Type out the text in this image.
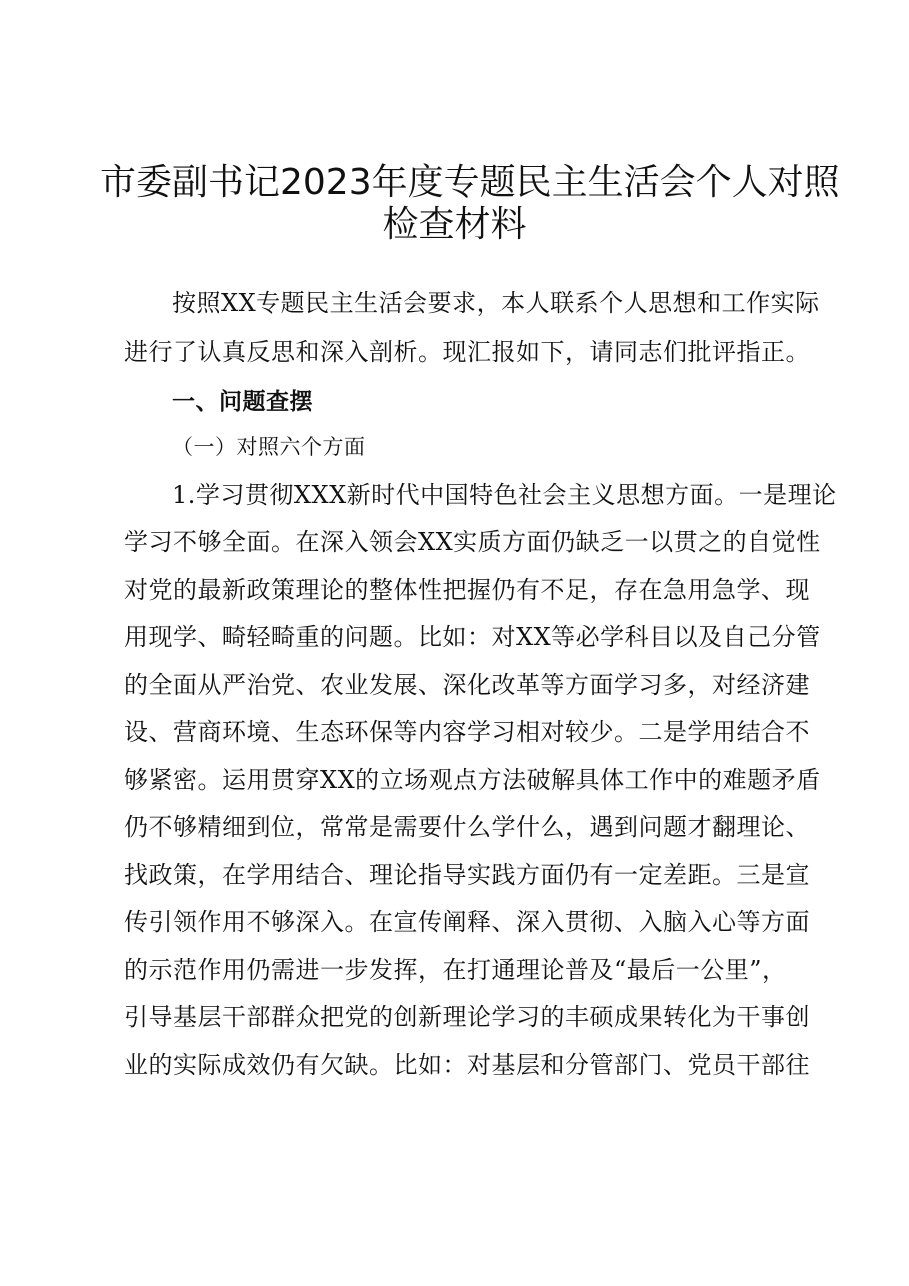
市委副书记2023年度专题民主生活会个人对照
检查材料
按照XX专题民主生活会要求，本人联系个人思想和工作实际
进行了认真反思和深入剖析。现汇报如下，请同志们批评指正。
一、问题查摆
（一）对照六个方面
1.学习贯彻XXX新时代中国特色社会主义思想方面。一是理论
学习不够全面。在深入领会XX实质方面仍缺乏一以贯之的自觉性
对党的最新政策理论的整体性把握仍有不足，存在急用急学、现
用现学、畸轻畸重的问题。比如：对XX等必学科目以及自己分管
的全面从严治党、农业发展、深化改革等方面学习多，对经济建
设、营商环境、生态环保等内容学习相对较少。二是学用结合不
够紧密。运用贯穿XX的立场观点方法破解具体工作中的难题矛盾
仍不够精细到位，常常是需要什么学什么，遇到问题才翻理论、
找政策，在学用结合、理论指导实践方面仍有一定差距。三是宣
传引领作用不够深入。在宣传阐释、深入贯彻、入脑入心等方面
的示范作用仍需进一步发挥，在打通理论普及“最后一公里”，
引导基层干部群众把党的创新理论学习的丰硕成果转化为干事创
业的实际成效仍有欠缺。比如：对基层和分管部门、党员干部往
